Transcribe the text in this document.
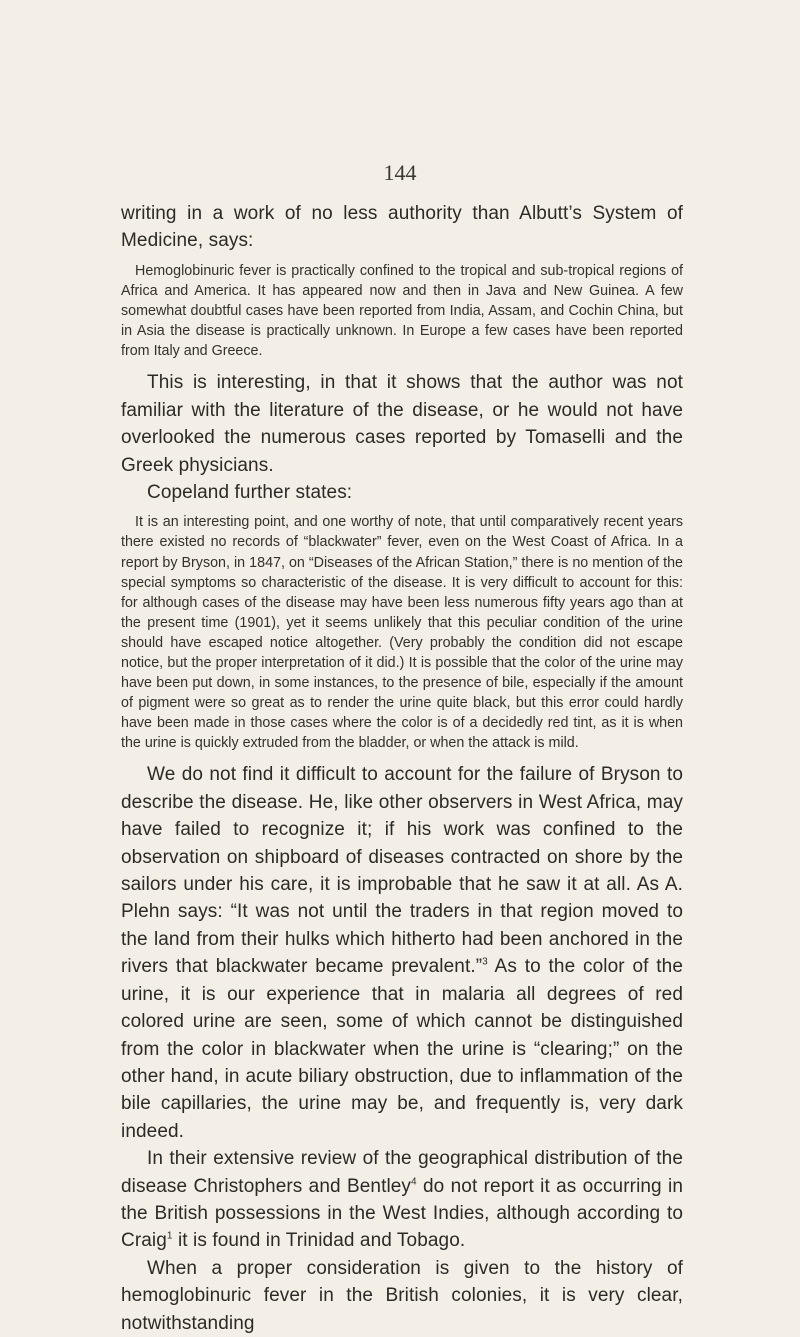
144

writing in a work of no less authority than Albutt’s System of Medicine, says:

Hemoglobinuric fever is practically confined to the tropical and sub-tropical regions of Africa and America. It has appeared now and then in Java and New Guinea. A few somewhat doubtful cases have been reported from India, Assam, and Cochin China, but in Asia the disease is practically unknown. In Europe a few cases have been reported from Italy and Greece.

This is interesting, in that it shows that the author was not familiar with the literature of the disease, or he would not have overlooked the numerous cases reported by Tomaselli and the Greek physicians.

Copeland further states:

It is an interesting point, and one worthy of note, that until comparatively recent years there existed no records of “blackwater” fever, even on the West Coast of Africa. In a report by Bryson, in 1847, on “Diseases of the African Station,” there is no mention of the special symptoms so characteristic of the disease. It is very difficult to account for this: for although cases of the disease may have been less numerous fifty years ago than at the present time (1901), yet it seems unlikely that this peculiar condition of the urine should have escaped notice altogether. (Very probably the condition did not escape notice, but the proper interpretation of it did.) It is possible that the color of the urine may have been put down, in some instances, to the presence of bile, especially if the amount of pigment were so great as to render the urine quite black, but this error could hardly have been made in those cases where the color is of a decidedly red tint, as it is when the urine is quickly extruded from the bladder, or when the attack is mild.

We do not find it difficult to account for the failure of Bryson to describe the disease. He, like other observers in West Africa, may have failed to recognize it; if his work was confined to the observation on shipboard of diseases contracted on shore by the sailors under his care, it is improbable that he saw it at all. As A. Plehn says: “It was not until the traders in that region moved to the land from their hulks which hitherto had been anchored in the rivers that blackwater became prevalent.”$^3$ As to the color of the urine, it is our experience that in malaria all degrees of red colored urine are seen, some of which cannot be distinguished from the color in blackwater when the urine is “clearing;” on the other hand, in acute biliary obstruction, due to inflammation of the bile capillaries, the urine may be, and frequently is, very dark indeed.

In their extensive review of the geographical distribution of the disease Christophers and Bentley$^4$ do not report it as occurring in the British possessions in the West Indies, although according to Craig$^1$ it is found in Trinidad and Tobago.

When a proper consideration is given to the history of hemoglobinuric fever in the British colonies, it is very clear, notwithstanding
